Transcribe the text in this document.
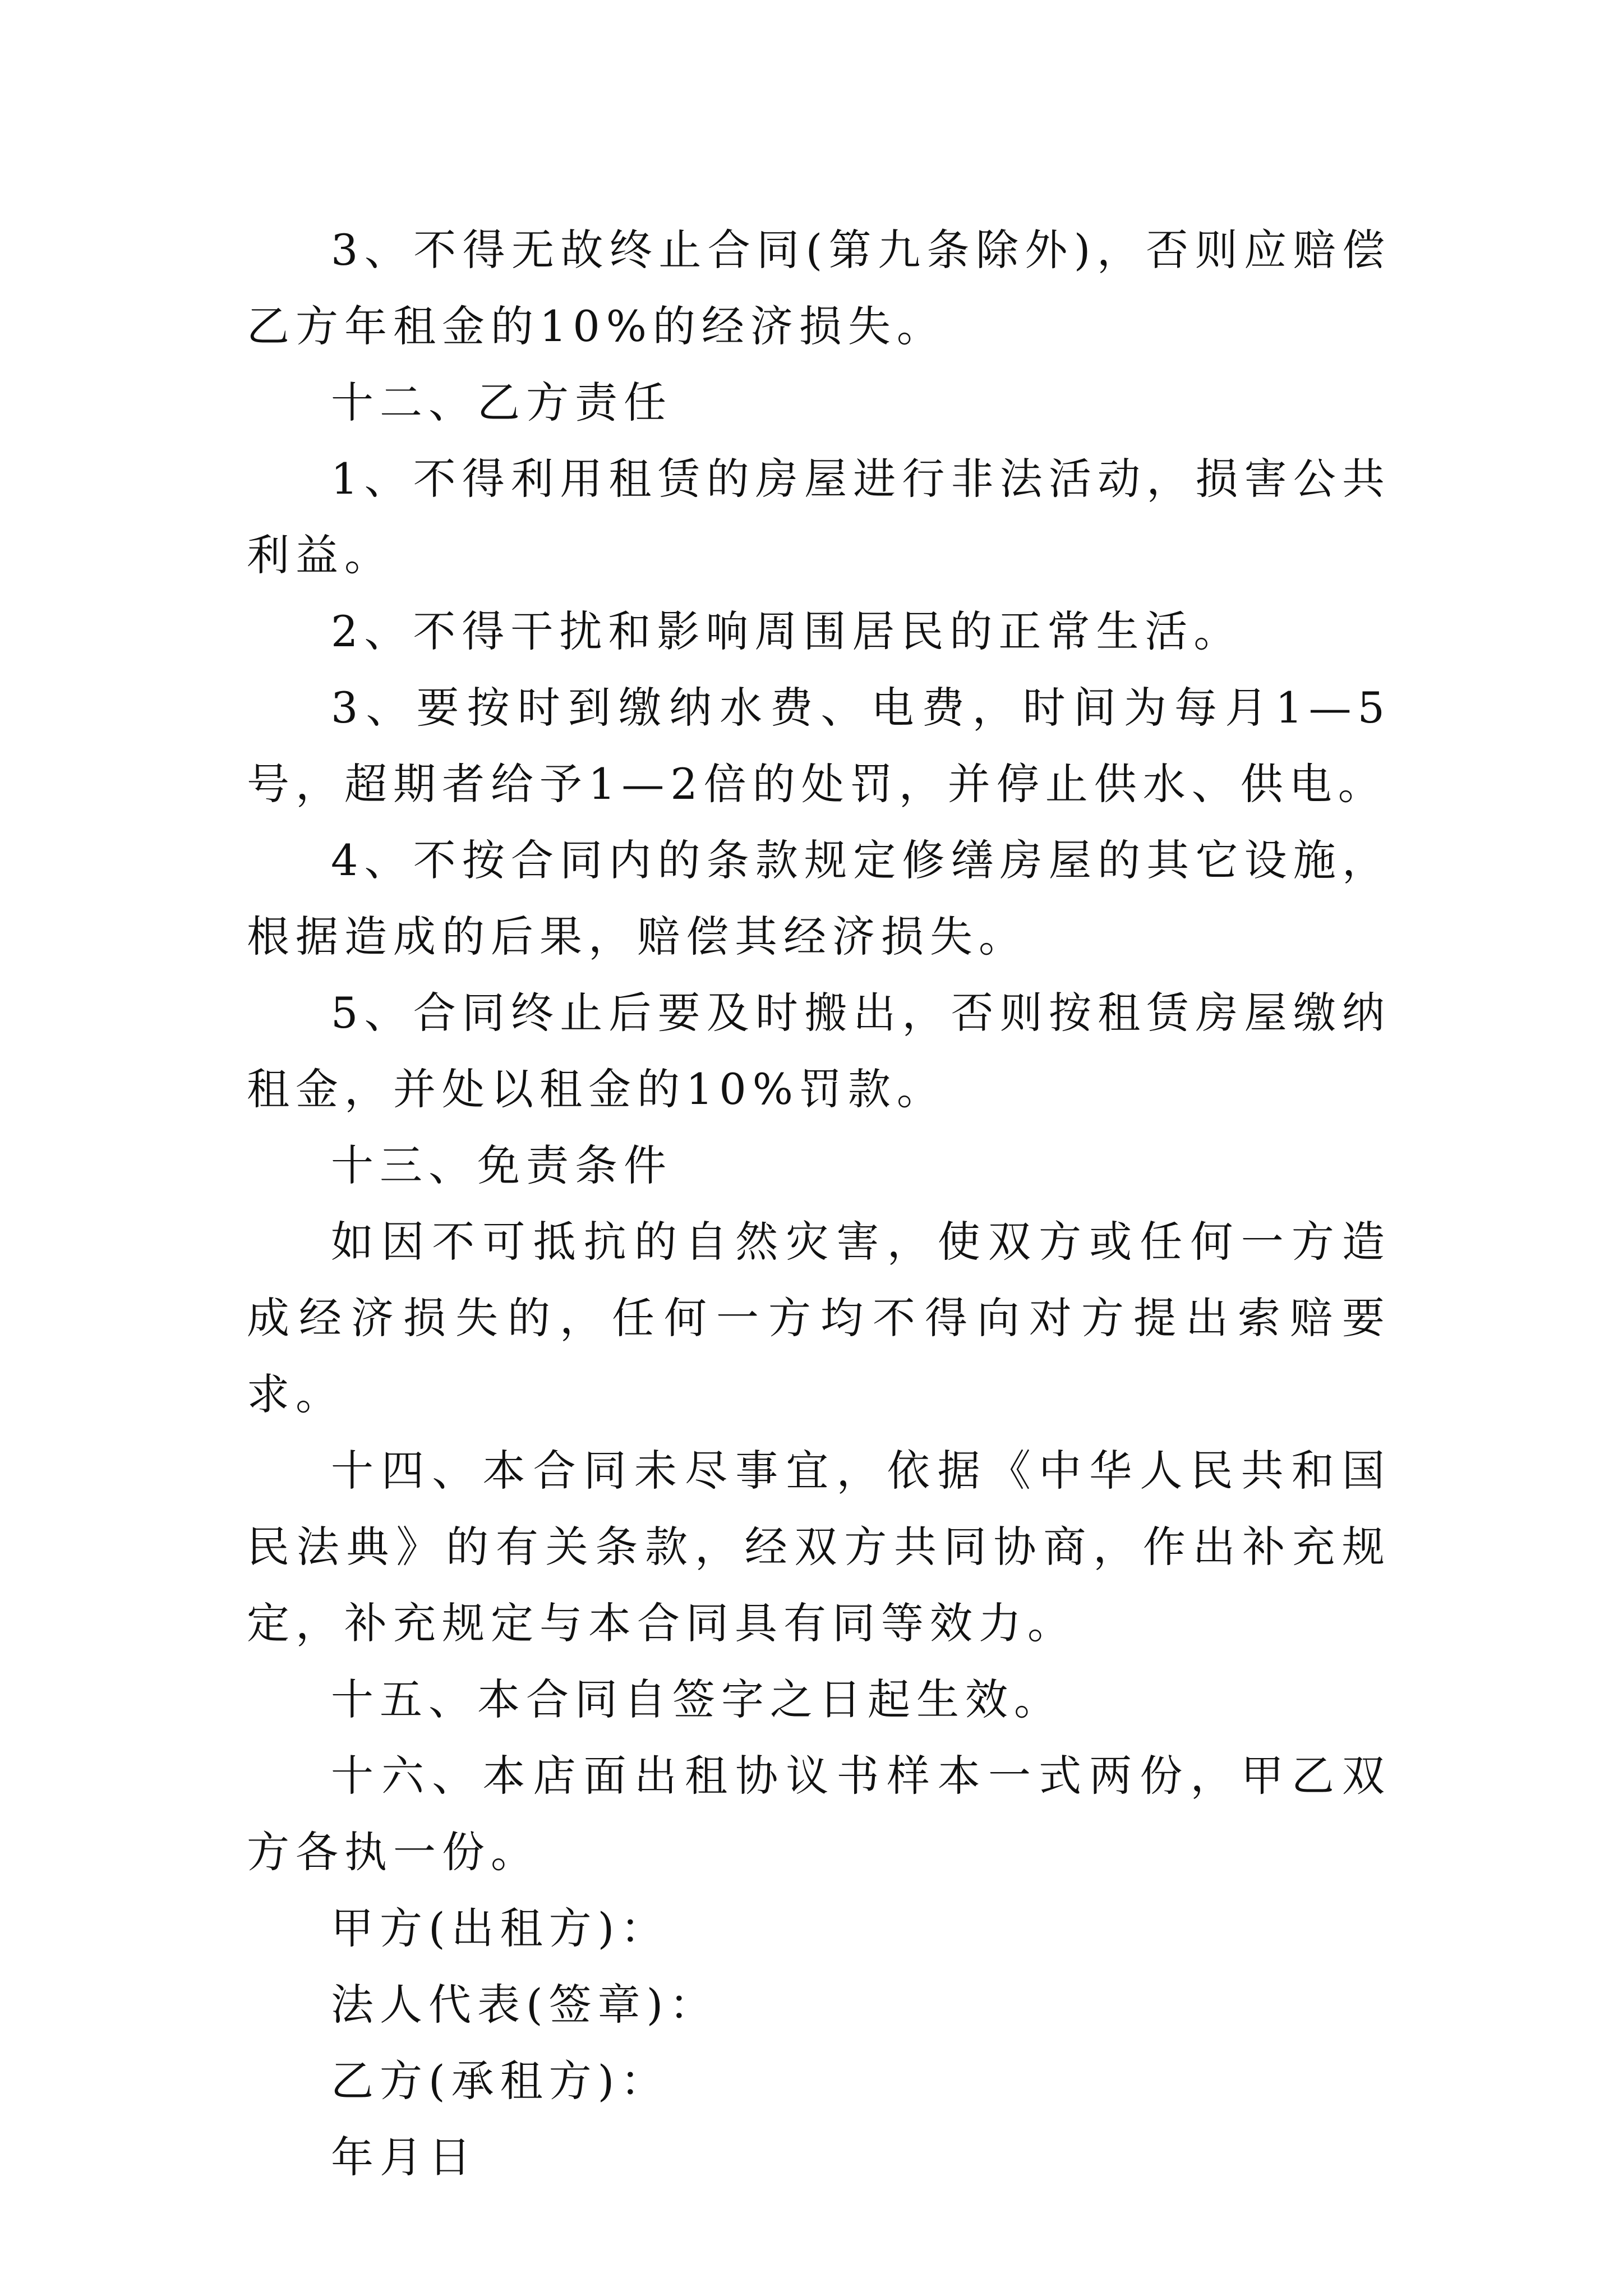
3、不得无故终止合同(第九条除外)，否则应赔偿乙方年租金的10%的经济损失。

十二、乙方责任

1、不得利用租赁的房屋进行非法活动，损害公共利益。

2、不得干扰和影响周围居民的正常生活。

3、要按时到缴纳水费、电费，时间为每月1—5号，超期者给予1—2倍的处罚，并停止供水、供电。

4、不按合同内的条款规定修缮房屋的其它设施，根据造成的后果，赔偿其经济损失。

5、合同终止后要及时搬出，否则按租赁房屋缴纳租金，并处以租金的10%罚款。

十三、免责条件

如因不可抵抗的自然灾害，使双方或任何一方造成经济损失的，任何一方均不得向对方提出索赔要求。

十四、本合同未尽事宜，依据《中华人民共和国民法典》的有关条款，经双方共同协商，作出补充规定，补充规定与本合同具有同等效力。

十五、本合同自签字之日起生效。

十六、本店面出租协议书样本一式两份，甲乙双方各执一份。

甲方(出租方)：

法人代表(签章)：

乙方(承租方)：

年月日
